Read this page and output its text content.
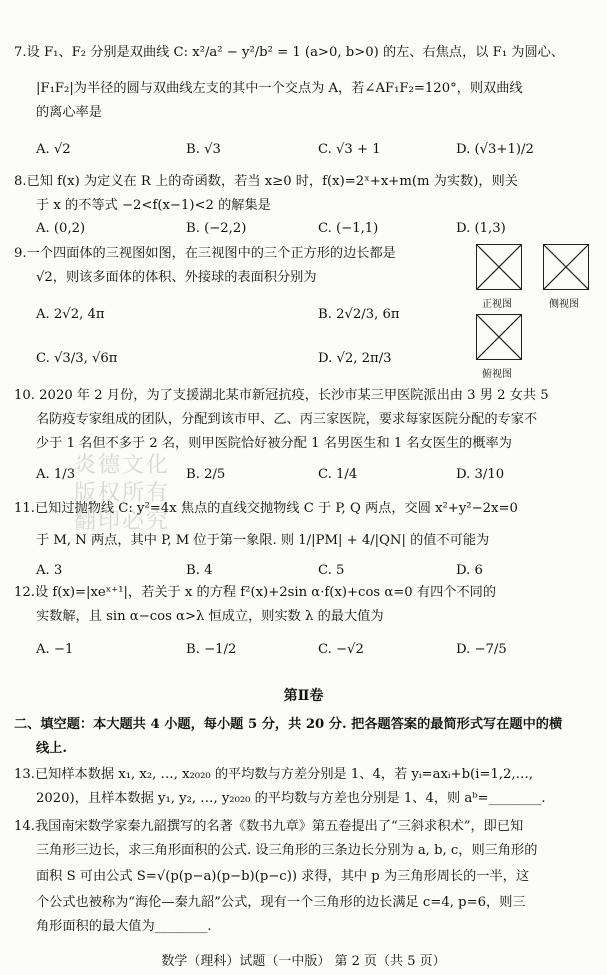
7.设 F₁、F₂ 分别是双曲线 C: x²/a² − y²/b² = 1 (a>0, b>0) 的左、右焦点，以 F₁ 为圆心、
|F₁F₂|为半径的圆与双曲线左支的其中一个交点为 A，若∠AF₁F₂=120°，则双曲线
的离心率是
A. √2	B. √3	C. √3 + 1	D. (√3+1)/2
8.已知 f(x) 为定义在 R 上的奇函数，若当 x≥0 时，f(x)=2ˣ+x+m(m 为实数)，则关
于 x 的不等式 −2<f(x−1)<2 的解集是
A. (0,2)	B. (−2,2)	C. (−1,1)	D. (1,3)
9.一个四面体的三视图如图，在三视图中的三个正方形的边长都是
√2，则该多面体的体积、外接球的表面积分别为
A. 2√2, 4π	B. 2√2/3, 6π
C. √3/3, √6π	D. √2, 2π/3
正视图	侧视图
俯视图
10. 2020 年 2 月份，为了支援湖北某市新冠抗疫，长沙市某三甲医院派出由 3 男 2 女共 5
名防疫专家组成的团队，分配到该市甲、乙、丙三家医院，要求每家医院分配的专家不
少于 1 名但不多于 2 名，则甲医院恰好被分配 1 名男医生和 1 名女医生的概率为
A. 1/3	B. 2/5	C. 1/4	D. 3/10
炎德文化 版权所有 翻印必究
11.已知过抛物线 C: y²=4x 焦点的直线交抛物线 C 于 P, Q 两点，交圆 x²+y²−2x=0
于 M, N 两点，其中 P, M 位于第一象限. 则 1/|PM| + 4/|QN| 的值不可能为
A. 3	B. 4	C. 5	D. 6
12.设 f(x)=|xeˣ⁺¹|，若关于 x 的方程 f²(x)+2sin α·f(x)+cos α=0 有四个不同的
实数解，且 sin α−cos α>λ 恒成立，则实数 λ 的最大值为
A. −1	B. −1/2	C. −√2	D. −7/5
第Ⅱ卷
二、填空题：本大题共 4 小题，每小题 5 分，共 20 分. 把各题答案的最简形式写在题中的横
线上.
13.已知样本数据 x₁, x₂, …, x₂₀₂₀ 的平均数与方差分别是 1、4，若 yᵢ=axᵢ+b(i=1,2,…,
2020)，且样本数据 y₁, y₂, …, y₂₀₂₀ 的平均数与方差也分别是 1、4，则 aᵇ=________.
14.我国南宋数学家秦九韶撰写的名著《数书九章》第五卷提出了“三斜求积术”，即已知
三角形三边长，求三角形面积的公式. 设三角形的三条边长分别为 a, b, c，则三角形的
面积 S 可由公式 S=√(p(p−a)(p−b)(p−c)) 求得，其中 p 为三角形周长的一半，这
个公式也被称为“海伦—秦九韶”公式，现有一个三角形的边长满足 c=4, p=6，则三
角形面积的最大值为________.
数学（理科）试题（一中版） 第 2 页（共 5 页）
